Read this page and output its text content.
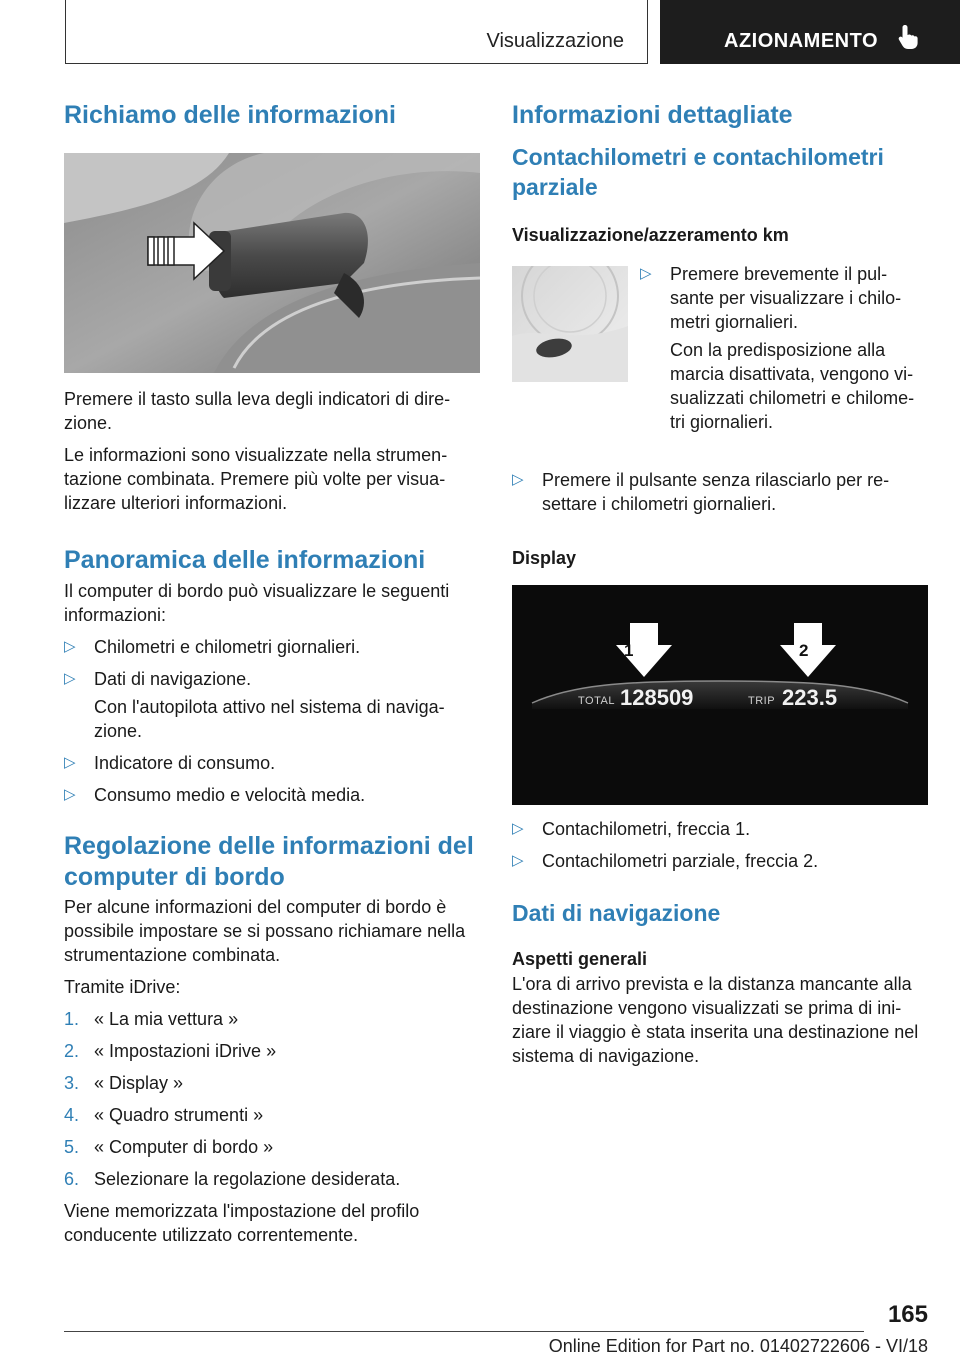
Visualizzazione	AZIONAMENTO
Richiamo delle informazioni

Premere il tasto sulla leva degli indicatori di dire-zione.

Le informazioni sono visualizzate nella strumen-tazione combinata. Premere più volte per visua-lizzare ulteriori informazioni.

Panoramica delle informazioni

Il computer di bordo può visualizzare le seguenti informazioni:

▷ Chilometri e chilometri giornalieri.
▷ Dati di navigazione.

Con l'autopilota attivo nel sistema di naviga-zione.

▷ Indicatore di consumo.
▷ Consumo medio e velocità media.
Regolazione delle informazioni del computer di bordo

Per alcune informazioni del computer di bordo è possibile impostare se si possano richiamare nella strumentazione combinata.

Tramite iDrive:

1. « La mia vettura »
2. « Impostazioni iDrive »
3. « Display »
4. « Quadro strumenti »
5. « Computer di bordo »
6. Selezionare la regolazione desiderata.

Viene memorizzata l'impostazione del profilo conducente utilizzato correntemente.

Informazioni dettagliate
Contachilometri e contachilometri parziale
Visualizzazione/azzeramento km
▷ Premere brevemente il pul-sante per visualizzare i chilo-metri giornalieri.

Con la predisposizione alla marcia disattivata, vengono vi-sualizzati chilometri e chilome-tri giornalieri.

▷ Premere il pulsante senza rilasciarlo per re-settare i chilometri giornalieri.
Display
1	2
TOTAL 128509	TRIP 223.5
▷ Contachilometri, freccia 1.
▷ Contachilometri parziale, freccia 2.
Dati di navigazione
Aspetti generali

L'ora di arrivo prevista e la distanza mancante alla destinazione vengono visualizzati se prima di ini-ziare il viaggio è stata inserita una destinazione nel sistema di navigazione.

165
Online Edition for Part no. 01402722606 - VI/18
